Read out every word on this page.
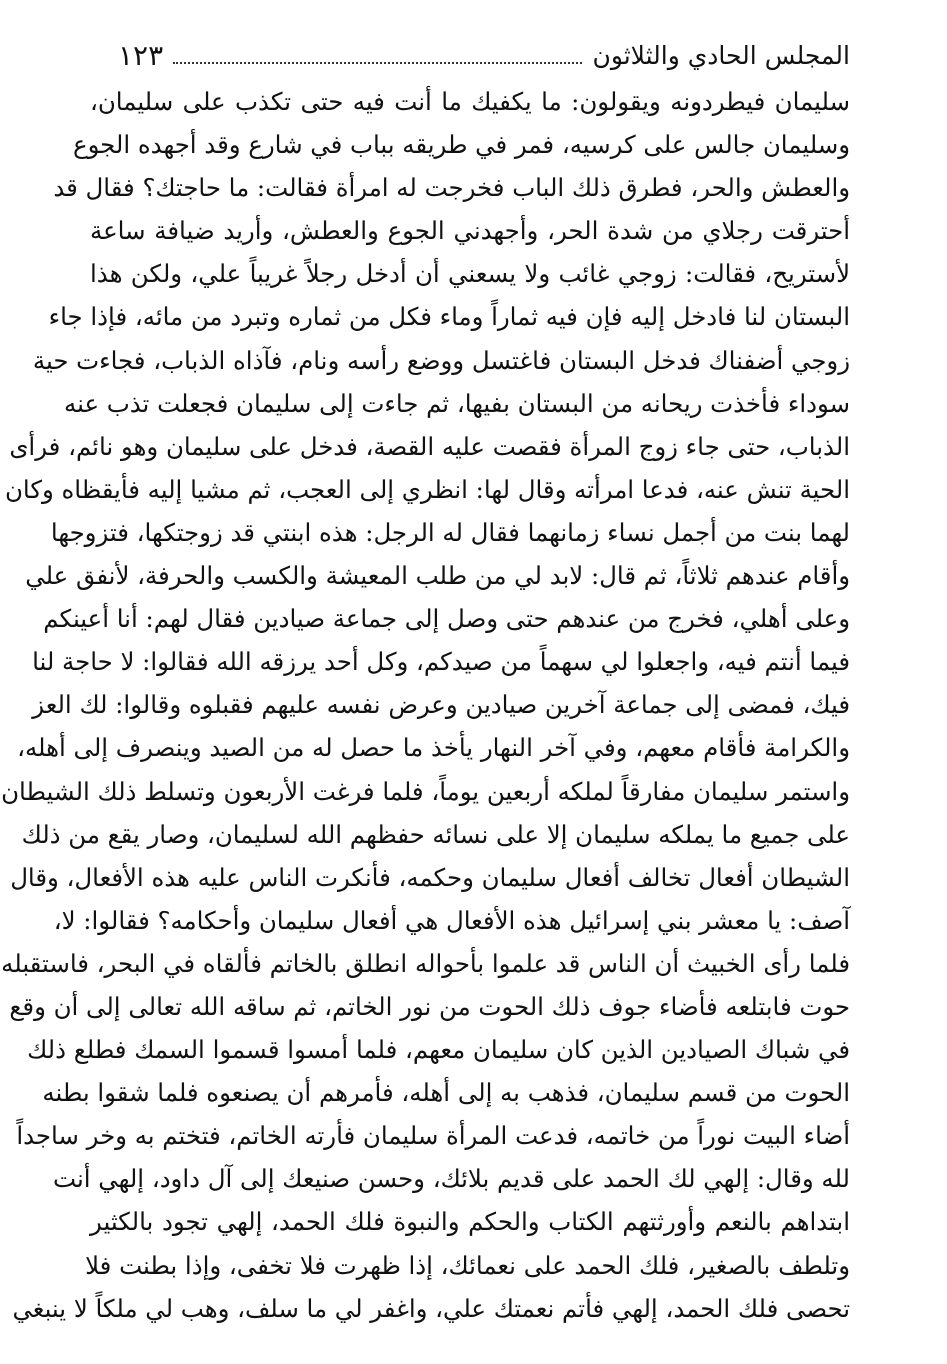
المجلس الحادي والثلاثون
١٢٣
سليمان فيطردونه ويقولون: ما يكفيك ما أنت فيه حتى تكذب على سليمان،
وسليمان جالس على كرسيه، فمر في طريقه بباب في شارع وقد أجهده الجوع
والعطش والحر، فطرق ذلك الباب فخرجت له امرأة فقالت: ما حاجتك؟ فقال قد
أحترقت رجلاي من شدة الحر، وأجهدني الجوع والعطش، وأريد ضيافة ساعة
لأستريح، فقالت: زوجي غائب ولا يسعني أن أدخل رجلاً غريباً علي، ولكن هذا
البستان لنا فادخل إليه فإن فيه ثماراً وماء فكل من ثماره وتبرد من مائه، فإذا جاء
زوجي أضفناك فدخل البستان فاغتسل ووضع رأسه ونام، فآذاه الذباب، فجاءت حية
سوداء فأخذت ريحانه من البستان بفيها، ثم جاءت إلى سليمان فجعلت تذب عنه
الذباب، حتى جاء زوج المرأة فقصت عليه القصة، فدخل على سليمان وهو نائم، فرأى
الحية تنش عنه، فدعا امرأته وقال لها: انظري إلى العجب، ثم مشيا إليه فأيقظاه وكان
لهما بنت من أجمل نساء زمانهما فقال له الرجل: هذه ابنتي قد زوجتكها، فتزوجها
وأقام عندهم ثلاثاً، ثم قال: لابد لي من طلب المعيشة والكسب والحرفة، لأنفق علي
وعلى أهلي، فخرج من عندهم حتى وصل إلى جماعة صيادين فقال لهم: أنا أعينكم
فيما أنتم فيه، واجعلوا لي سهماً من صيدكم، وكل أحد يرزقه الله فقالوا: لا حاجة لنا
فيك، فمضى إلى جماعة آخرين صيادين وعرض نفسه عليهم فقبلوه وقالوا: لك العز
والكرامة فأقام معهم، وفي آخر النهار يأخذ ما حصل له من الصيد وينصرف إلى أهله،
واستمر سليمان مفارقاً لملكه أربعين يوماً، فلما فرغت الأربعون وتسلط ذلك الشيطان
على جميع ما يملكه سليمان إلا على نسائه حفظهم الله لسليمان، وصار يقع من ذلك
الشيطان أفعال تخالف أفعال سليمان وحكمه، فأنكرت الناس عليه هذه الأفعال، وقال
آصف: يا معشر بني إسرائيل هذه الأفعال هي أفعال سليمان وأحكامه؟ فقالوا: لا،
فلما رأى الخبيث أن الناس قد علموا بأحواله انطلق بالخاتم فألقاه في البحر، فاستقبله
حوت فابتلعه فأضاء جوف ذلك الحوت من نور الخاتم، ثم ساقه الله تعالى إلى أن وقع
في شباك الصيادين الذين كان سليمان معهم، فلما أمسوا قسموا السمك فطلع ذلك
الحوت من قسم سليمان، فذهب به إلى أهله، فأمرهم أن يصنعوه فلما شقوا بطنه
أضاء البيت نوراً من خاتمه، فدعت المرأة سليمان فأرته الخاتم، فتختم به وخر ساجداً
لله وقال: إلهي لك الحمد على قديم بلائك، وحسن صنيعك إلى آل داود، إلهي أنت
ابتداهم بالنعم وأورثتهم الكتاب والحكم والنبوة فلك الحمد، إلهي تجود بالكثير
وتلطف بالصغير، فلك الحمد على نعمائك، إذا ظهرت فلا تخفى، وإذا بطنت فلا
تحصى فلك الحمد، إلهي فأتم نعمتك علي، واغفر لي ما سلف، وهب لي ملكاً لا ينبغي
